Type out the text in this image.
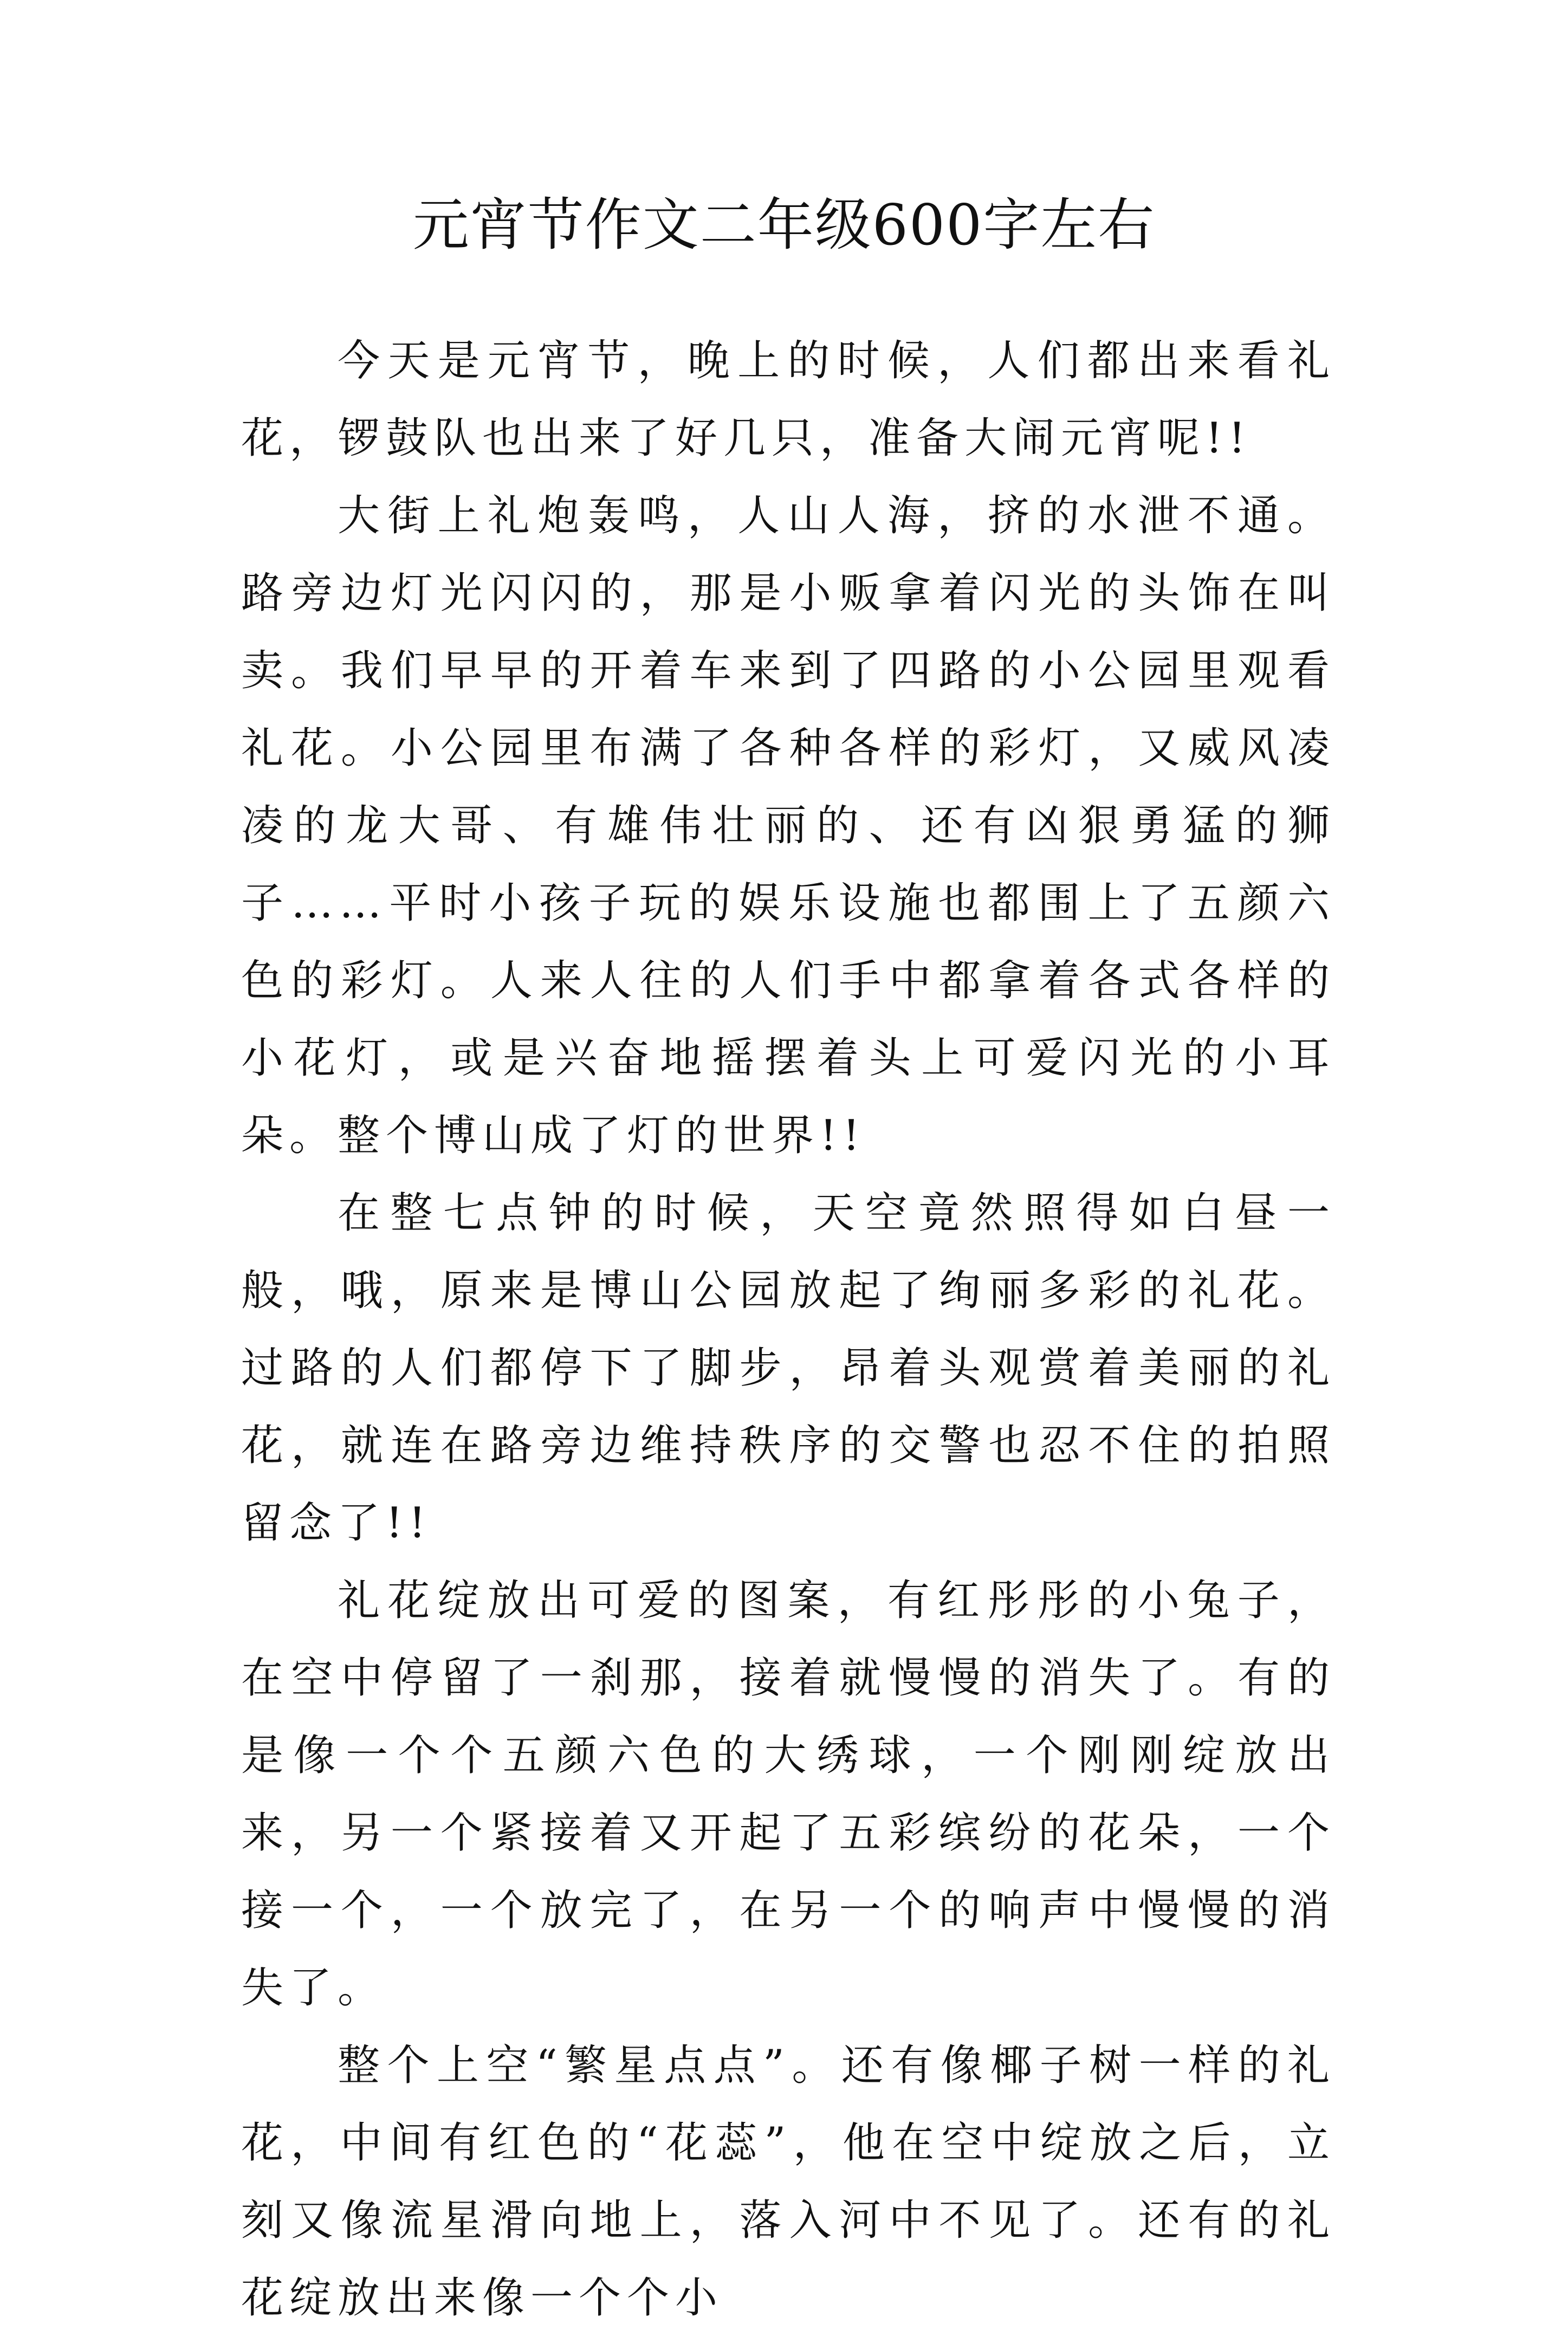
元宵节作文二年级600字左右

今天是元宵节，晚上的时候，人们都出来看礼花，锣鼓队也出来了好几只，准备大闹元宵呢!!

大街上礼炮轰鸣，人山人海，挤的水泄不通。路旁边灯光闪闪的，那是小贩拿着闪光的头饰在叫卖。我们早早的开着车来到了四路的小公园里观看礼花。小公园里布满了各种各样的彩灯，又威风凌凌的龙大哥、有雄伟壮丽的、还有凶狠勇猛的狮子……平时小孩子玩的娱乐设施也都围上了五颜六色的彩灯。人来人往的人们手中都拿着各式各样的小花灯，或是兴奋地摇摆着头上可爱闪光的小耳朵。整个博山成了灯的世界!!

在整七点钟的时候，天空竟然照得如白昼一般，哦，原来是博山公园放起了绚丽多彩的礼花。过路的人们都停下了脚步，昂着头观赏着美丽的礼花，就连在路旁边维持秩序的交警也忍不住的拍照留念了!!

礼花绽放出可爱的图案，有红彤彤的小兔子，在空中停留了一刹那，接着就慢慢的消失了。有的是像一个个五颜六色的大绣球，一个刚刚绽放出来，另一个紧接着又开起了五彩缤纷的花朵，一个接一个，一个放完了，在另一个的响声中慢慢的消失了。

整个上空“繁星点点”。还有像椰子树一样的礼花，中间有红色的“花蕊”，他在空中绽放之后，立刻又像流星滑向地上，落入河中不见了。还有的礼花绽放出来像一个个小
